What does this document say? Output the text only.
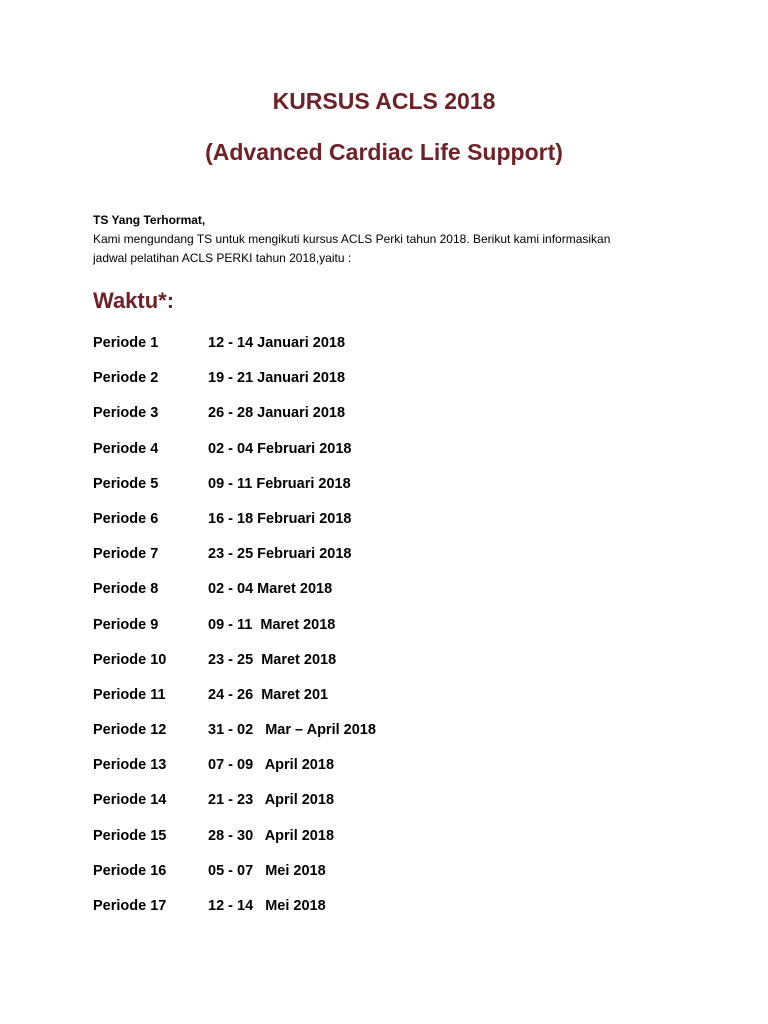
KURSUS ACLS 2018
(Advanced Cardiac Life Support)

TS Yang Terhormat,

Kami mengundang TS untuk mengikuti kursus ACLS Perki tahun 2018. Berikut kami informasikan

jadwal pelatihan ACLS PERKI tahun 2018,yaitu :

Waktu*:
Periode 1	12 - 14 Januari 2018
Periode 2	19 - 21 Januari 2018
Periode 3	26 - 28 Januari 2018
Periode 4	02 - 04 Februari 2018
Periode 5	09 - 11 Februari 2018
Periode 6	16 - 18 Februari 2018
Periode 7	23 - 25 Februari 2018
Periode 8	02 - 04 Maret 2018
Periode 9	09 - 11  Maret 2018
Periode 10	23 - 25  Maret 2018
Periode 11	24 - 26  Maret 201
Periode 12	31 - 02   Mar – April 2018
Periode 13	07 - 09   April 2018
Periode 14	21 - 23   April 2018
Periode 15	28 - 30   April 2018
Periode 16	05 - 07   Mei 2018
Periode 17	12 - 14   Mei 2018
